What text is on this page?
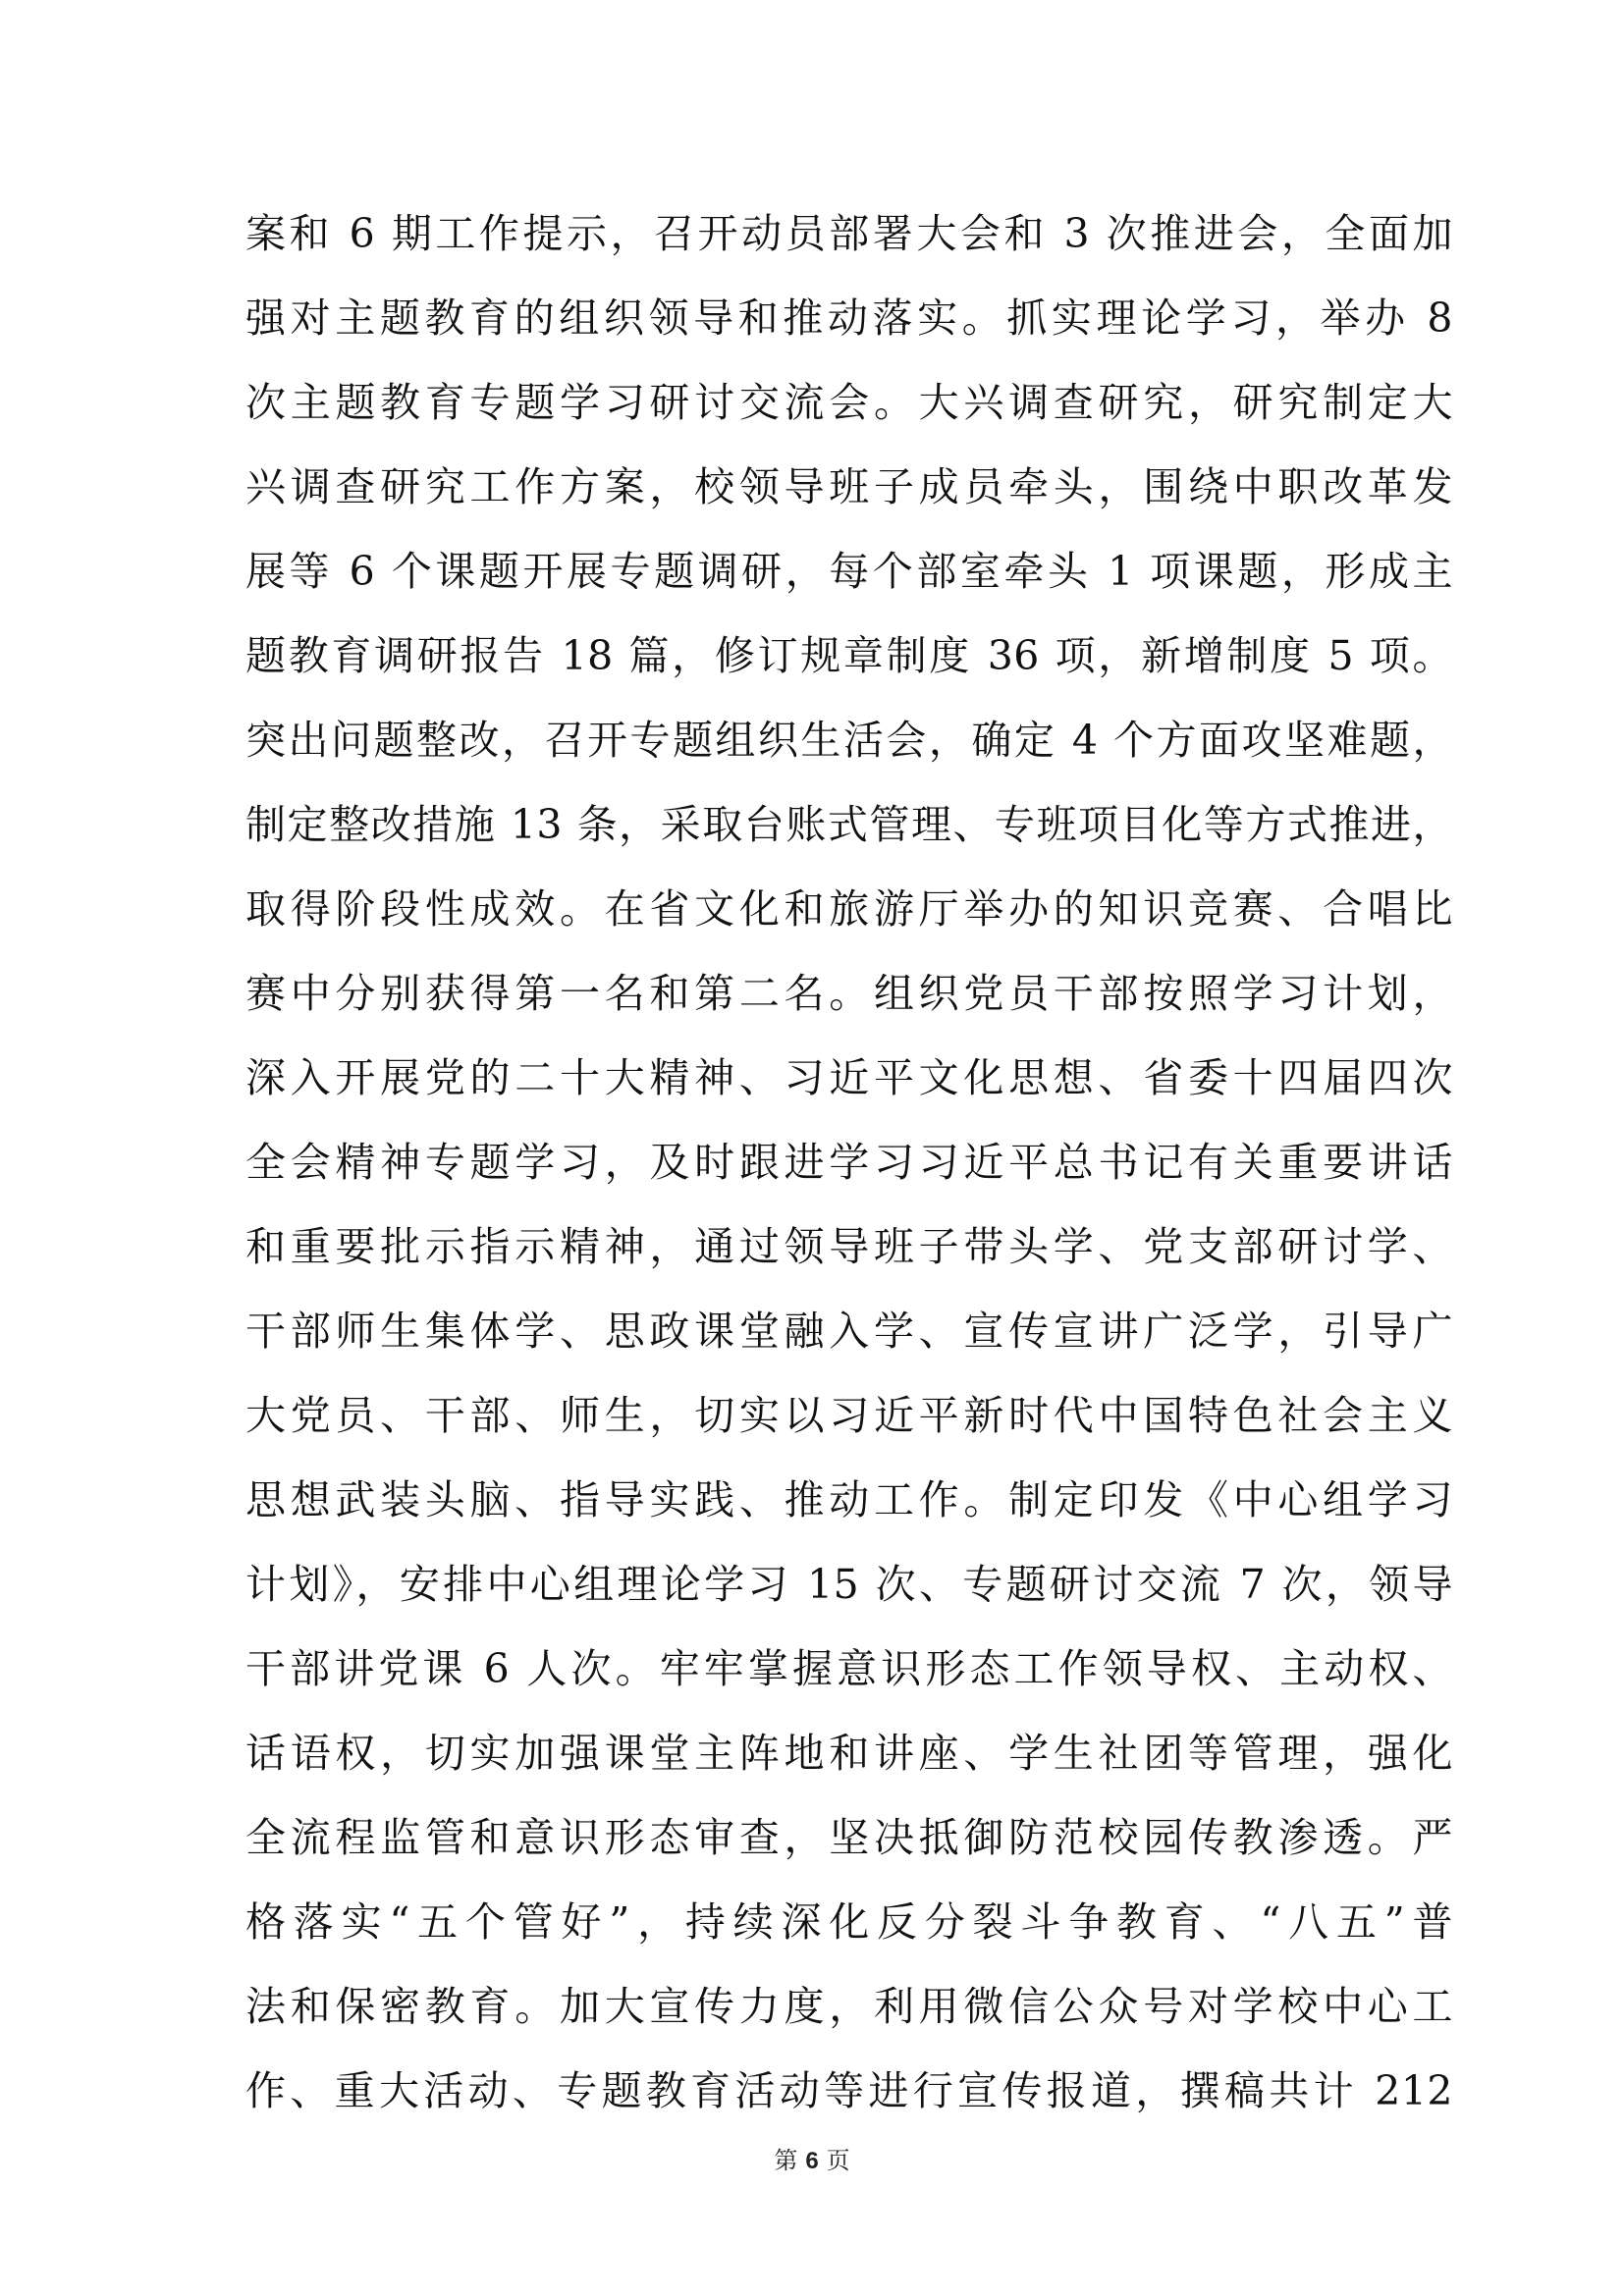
案和 6 期工作提示，召开动员部署大会和 3 次推进会，全面加
强对主题教育的组织领导和推动落实。抓实理论学习，举办 8
次主题教育专题学习研讨交流会。大兴调查研究，研究制定大
兴调查研究工作方案，校领导班子成员牵头，围绕中职改革发
展等 6 个课题开展专题调研，每个部室牵头 1 项课题，形成主
题教育调研报告 18 篇，修订规章制度 36 项，新增制度 5 项。
突出问题整改，召开专题组织生活会，确定 4 个方面攻坚难题，
制定整改措施 13 条，采取台账式管理、专班项目化等方式推进，
取得阶段性成效。在省文化和旅游厅举办的知识竞赛、合唱比
赛中分别获得第一名和第二名。组织党员干部按照学习计划，
深入开展党的二十大精神、习近平文化思想、省委十四届四次
全会精神专题学习，及时跟进学习习近平总书记有关重要讲话
和重要批示指示精神，通过领导班子带头学、党支部研讨学、
干部师生集体学、思政课堂融入学、宣传宣讲广泛学，引导广
大党员、干部、师生，切实以习近平新时代中国特色社会主义
思想武装头脑、指导实践、推动工作。制定印发《中心组学习
计划》，安排中心组理论学习 15 次、专题研讨交流 7 次，领导
干部讲党课 6 人次。牢牢掌握意识形态工作领导权、主动权、
话语权，切实加强课堂主阵地和讲座、学生社团等管理，强化
全流程监管和意识形态审查，坚决抵御防范校园传教渗透。严
格落实“五个管好”，持续深化反分裂斗争教育、“八五”普
法和保密教育。加大宣传力度，利用微信公众号对学校中心工
作、重大活动、专题教育活动等进行宣传报道，撰稿共计 212
第 6 页
